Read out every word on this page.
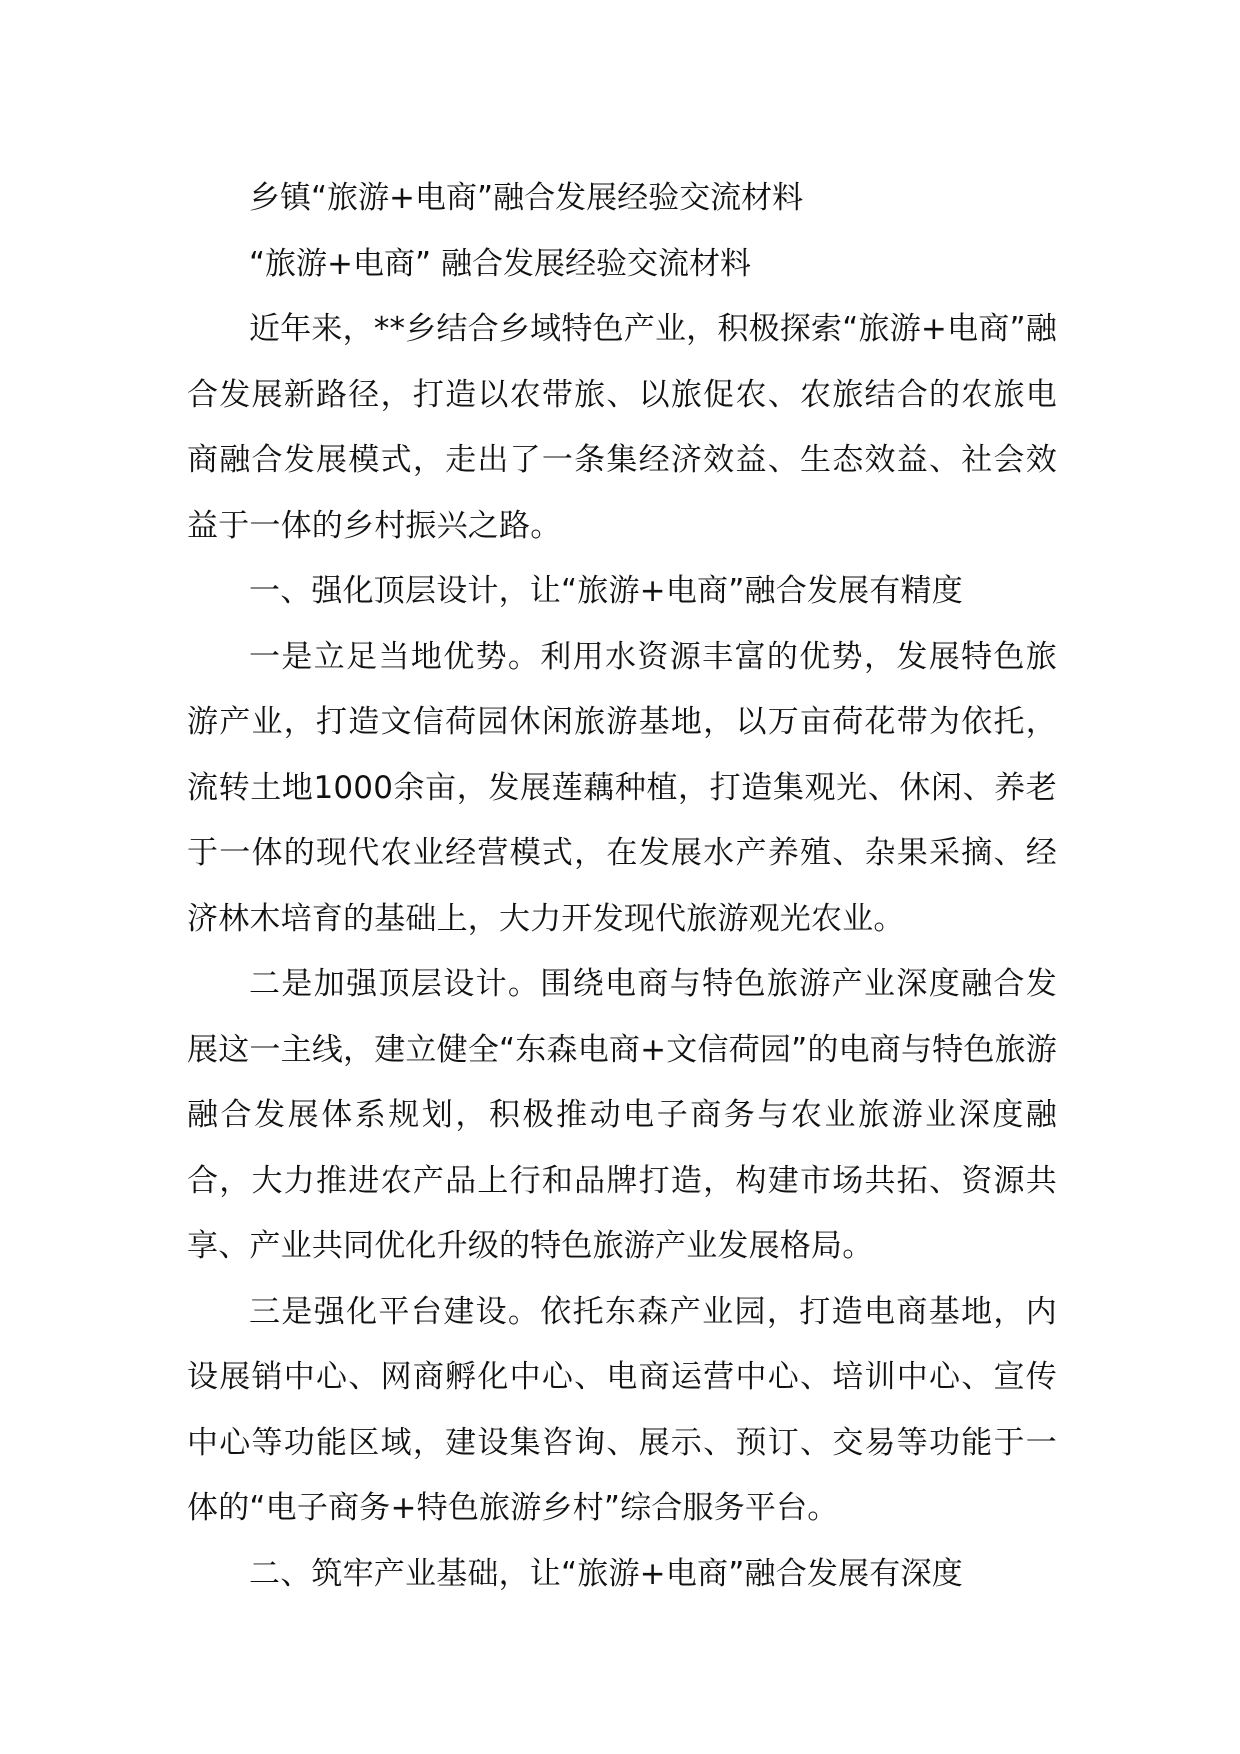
乡镇“旅游+电商”融合发展经验交流材料

“旅游+电商” 融合发展经验交流材料

近年来，**乡结合乡域特色产业，积极探索“旅游+电商”融合发展新路径，打造以农带旅、以旅促农、农旅结合的农旅电商融合发展模式，走出了一条集经济效益、生态效益、社会效益于一体的乡村振兴之路。

一、强化顶层设计，让“旅游+电商”融合发展有精度

一是立足当地优势。利用水资源丰富的优势，发展特色旅游产业，打造文信荷园休闲旅游基地，以万亩荷花带为依托，流转土地1000余亩，发展莲藕种植，打造集观光、休闲、养老于一体的现代农业经营模式，在发展水产养殖、杂果采摘、经济林木培育的基础上，大力开发现代旅游观光农业。

二是加强顶层设计。围绕电商与特色旅游产业深度融合发展这一主线，建立健全“东森电商+文信荷园”的电商与特色旅游融合发展体系规划，积极推动电子商务与农业旅游业深度融合，大力推进农产品上行和品牌打造，构建市场共拓、资源共享、产业共同优化升级的特色旅游产业发展格局。

三是强化平台建设。依托东森产业园，打造电商基地，内设展销中心、网商孵化中心、电商运营中心、培训中心、宣传中心等功能区域，建设集咨询、展示、预订、交易等功能于一体的“电子商务+特色旅游乡村”综合服务平台。

二、筑牢产业基础，让“旅游+电商”融合发展有深度
